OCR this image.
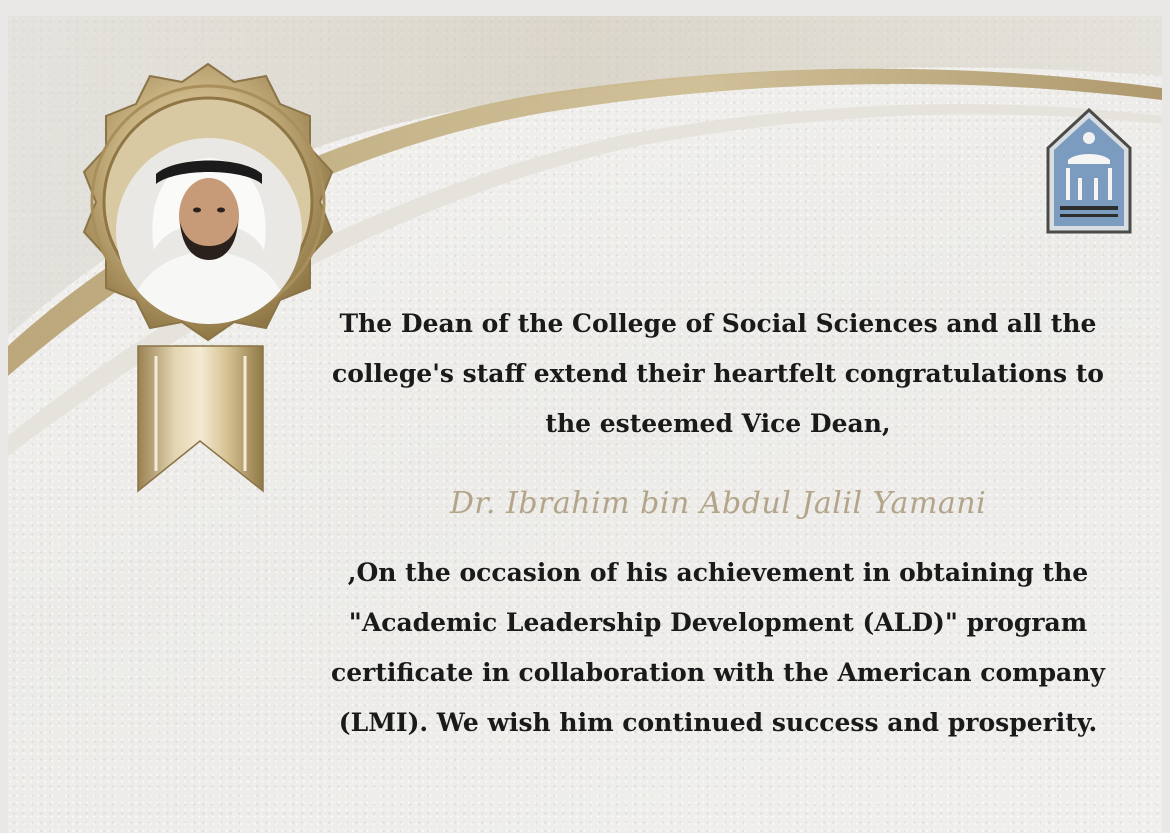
The Dean of the College of Social Sciences and all the
college's staff extend their heartfelt congratulations to
the esteemed Vice Dean,
Dr. Ibrahim bin Abdul Jalil Yamani
,On the occasion of his achievement in obtaining the
"Academic Leadership Development (ALD)" program
certificate in collaboration with the American company
(LMI). We wish him continued success and prosperity.
